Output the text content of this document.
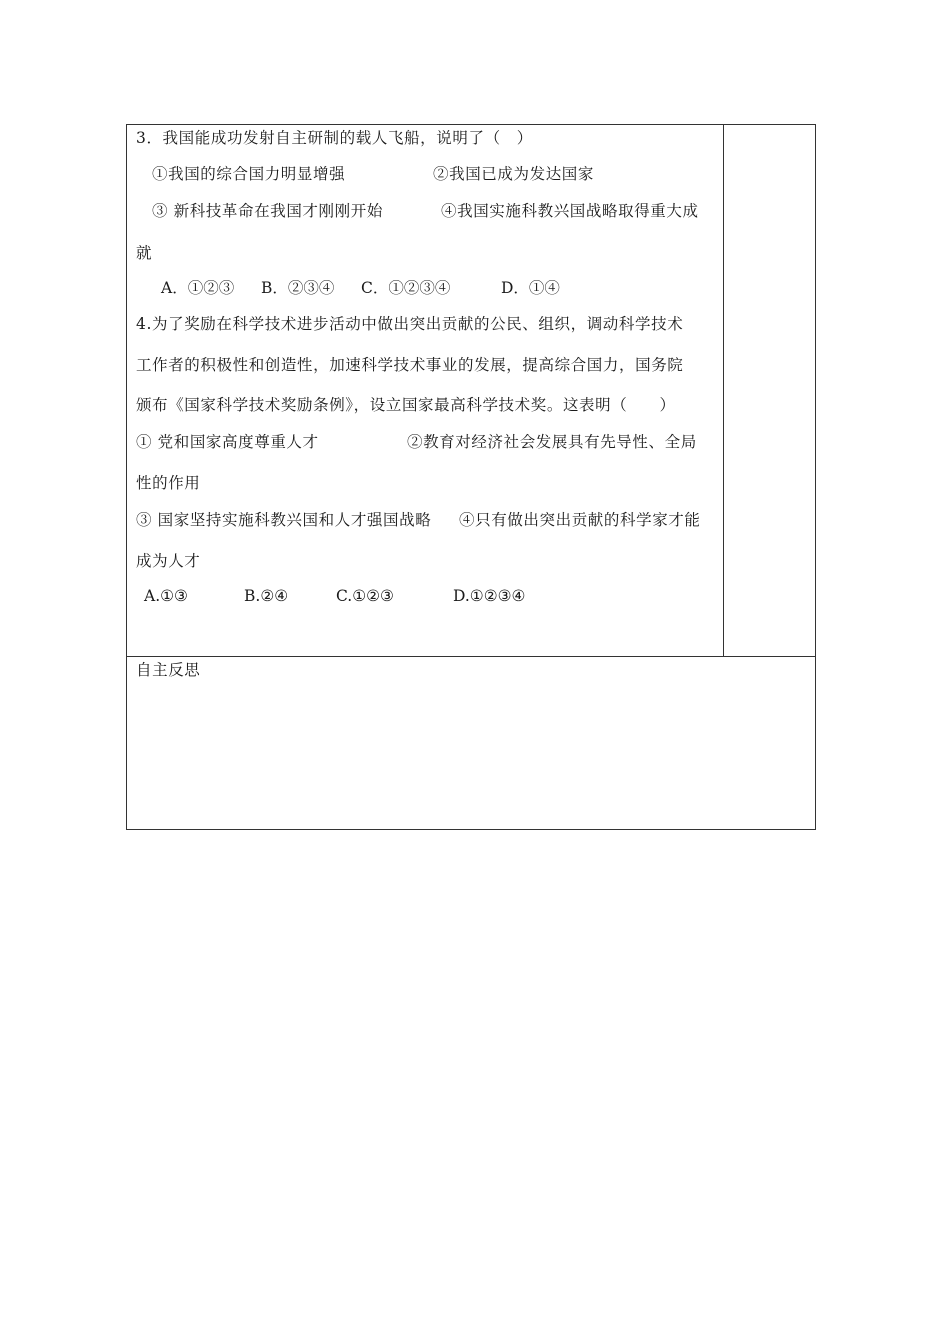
3．我国能成功发射自主研制的载人飞船，说明了（　）
①我国的综合国力明显增强	②我国已成为发达国家
③ 新科技革命在我国才刚刚开始	④我国实施科教兴国战略取得重大成
就
A．①②③ B．②③④ C．①②③④	D．①④
4.为了奖励在科学技术进步活动中做出突出贡献的公民、组织，调动科学技术
工作者的积极性和创造性，加速科学技术事业的发展，提高综合国力，国务院
颁布《国家科学技术奖励条例》，设立国家最高科学技术奖。这表明（　　）
① 党和国家高度尊重人才	②教育对经济社会发展具有先导性、全局
性的作用
③ 国家坚持实施科教兴国和人才强国战略 ④只有做出突出贡献的科学家才能
成为人才
A.①③	B.②④	C.①②③	D.①②③④
自主反思
